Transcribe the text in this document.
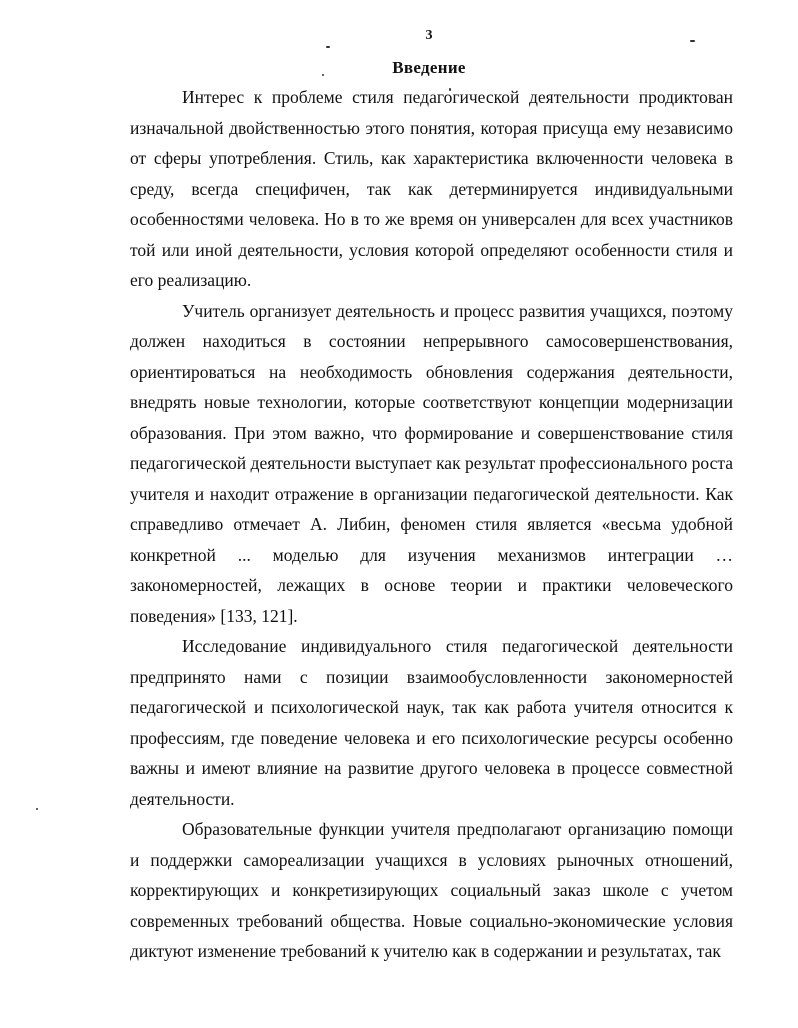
3
Введение

Интерес к проблеме стиля педагогической деятельности продиктован изначальной двойственностью этого понятия, которая присуща ему независимо от сферы употребления. Стиль, как характеристика включенности человека в среду, всегда специфичен, так как детерминируется индивидуальными особенностями человека. Но в то же время он универсален для всех участников той или иной деятельности, условия которой определяют особенности стиля и его реализацию.

Учитель организует деятельность и процесс развития учащихся, поэтому должен находиться в состоянии непрерывного самосовершенствования, ориентироваться на необходимость обновления содержания деятельности, внедрять новые технологии, которые соответствуют концепции модернизации образования. При этом важно, что формирование и совершенствование стиля педагогической деятельности выступает как результат профессионального роста учителя и находит отражение в организации педагогической деятельности. Как справедливо отмечает А. Либин, феномен стиля является «весьма удобной конкретной ... моделью для изучения механизмов интеграции …закономерностей, лежащих в основе теории и практики человеческого поведения» [133, 121].

Исследование индивидуального стиля педагогической деятельности предпринято нами с позиции взаимообусловленности закономерностей педагогической и психологической наук, так как работа учителя относится к профессиям, где поведение человека и его психологические ресурсы особенно важны и имеют влияние на развитие другого человека в процессе совместной деятельности.

Образовательные функции учителя предполагают организацию помощи и поддержки самореализации учащихся в условиях рыночных отношений, корректирующих и конкретизирующих социальный заказ школе с учетом современных требований общества. Новые социально-экономические условия диктуют изменение требований к учителю как в содержании и результатах, так
